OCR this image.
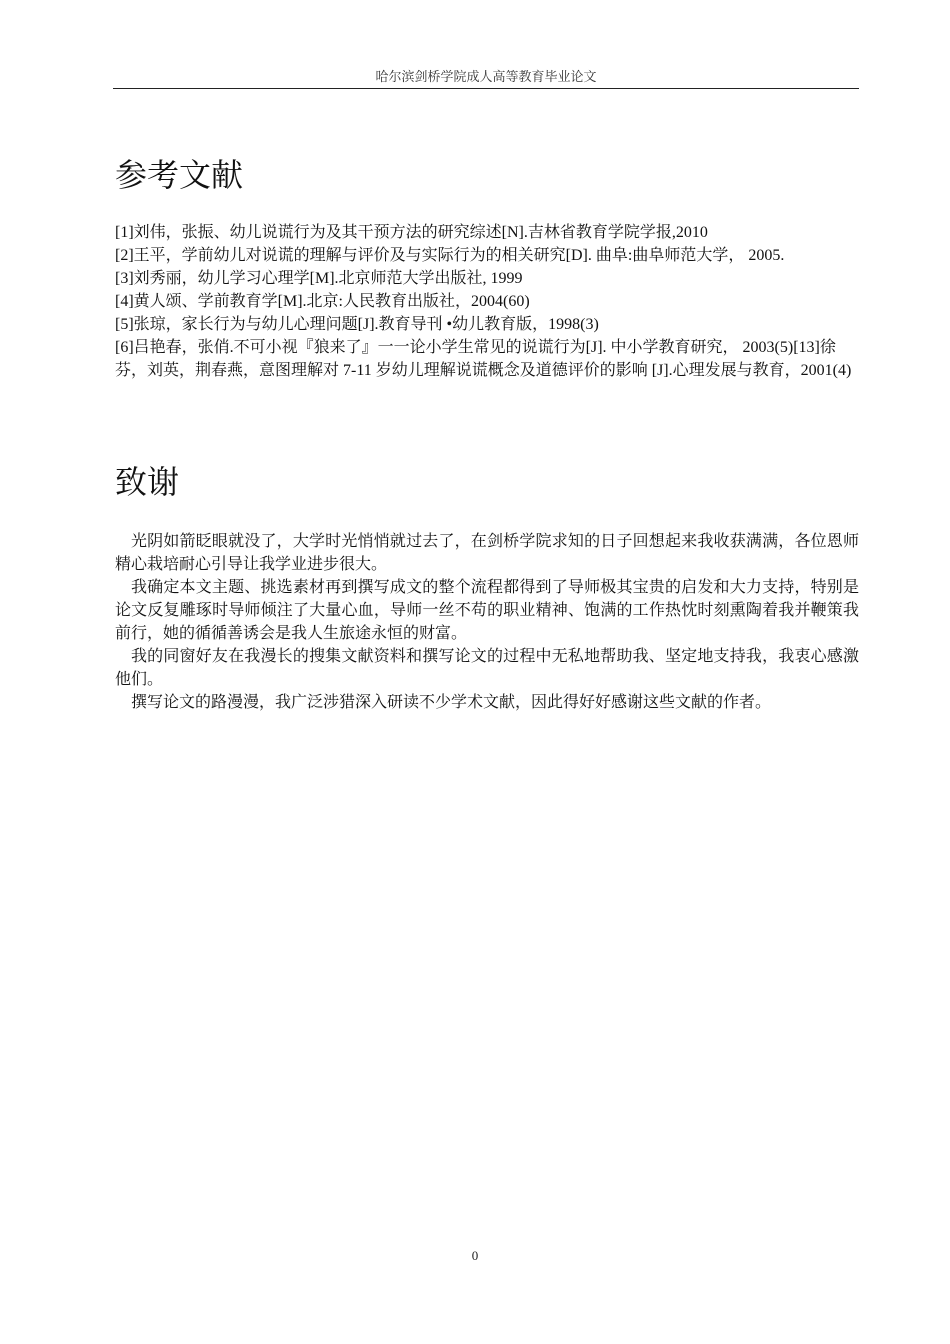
哈尔滨剑桥学院成人高等教育毕业论文
参考文献
[1]刘伟，张振、幼儿说谎行为及其干预方法的研究综述[N].吉林省教育学院学报,2010
[2]王平，学前幼儿对说谎的理解与评价及与实际行为的相关研究[D]. 曲阜:曲阜师范大学， 2005.
[3]刘秀丽，幼儿学习心理学[M].北京师范大学出版社, 1999
[4]黄人颂、学前教育学[M].北京:人民教育出版社，2004(60)
[5]张琼，家长行为与幼儿心理问题[J].教育导刊 •幼儿教育版，1998(3)
[6]吕艳春，张俏.不可小视『狼来了』一一论小学生常见的说谎行为[J]. 中小学教育研究， 2003(5)[13]徐芬，刘英，荆春燕，意图理解对 7-11 岁幼儿理解说谎概念及道德评价的影响 [J].心理发展与教育，2001(4)
致谢

光阴如箭眨眼就没了，大学时光悄悄就过去了，在剑桥学院求知的日子回想起来我收获满满，各位恩师精心栽培耐心引导让我学业进步很大。

我确定本文主题、挑选素材再到撰写成文的整个流程都得到了导师极其宝贵的启发和大力支持，特别是论文反复雕琢时导师倾注了大量心血，导师一丝不苟的职业精神、饱满的工作热忱时刻熏陶着我并鞭策我前行，她的循循善诱会是我人生旅途永恒的财富。

我的同窗好友在我漫长的搜集文献资料和撰写论文的过程中无私地帮助我、坚定地支持我，我衷心感激他们。

撰写论文的路漫漫，我广泛涉猎深入研读不少学术文献，因此得好好感谢这些文献的作者。

0
